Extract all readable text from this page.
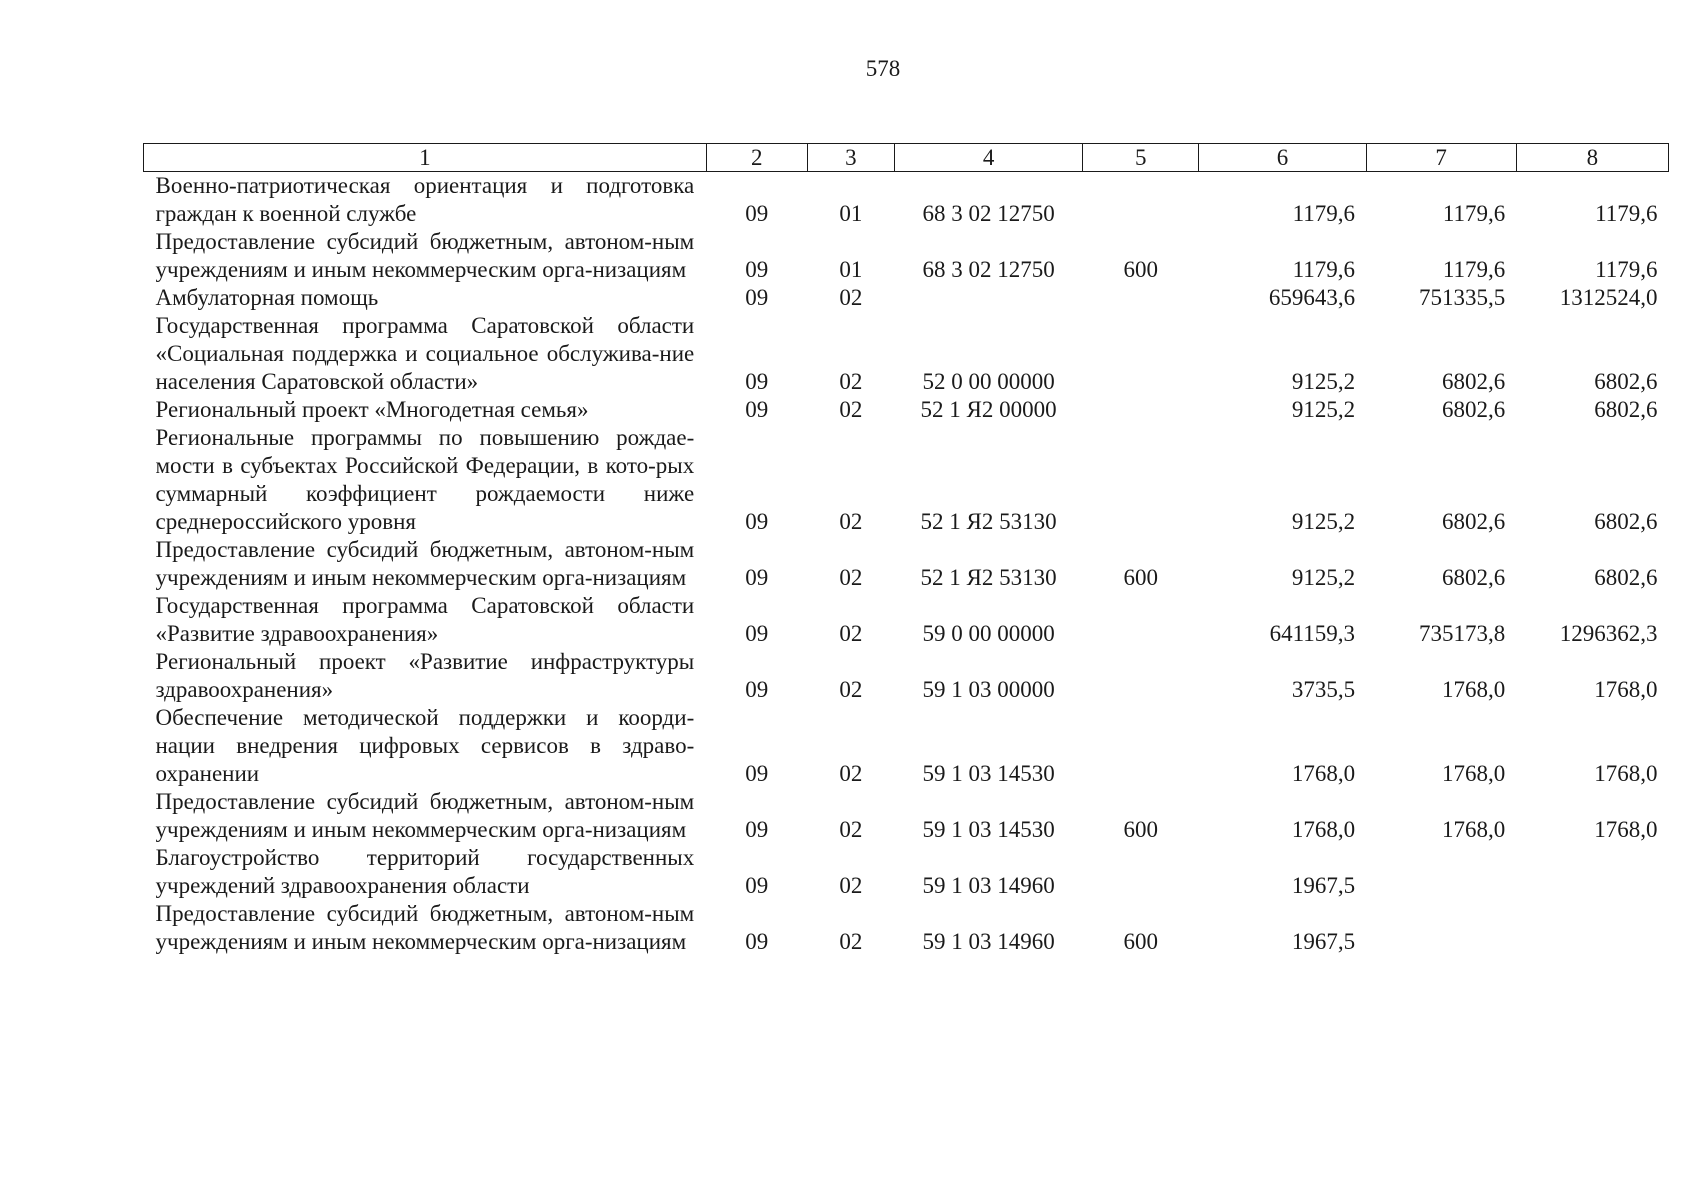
578
1	2	3	4	5	6	7	8
Военно-патриотическая ориентация и подготовка граждан к военной службе	09	01	68 3 02 12750		1179,6	1179,6	1179,6
Предоставление субсидий бюджетным, автоном-ным учреждениям и иным некоммерческим орга-низациям	09	01	68 3 02 12750	600	1179,6	1179,6	1179,6
Амбулаторная помощь	09	02			659643,6	751335,5	1312524,0
Государственная программа Саратовской области «Социальная поддержка и социальное обслужива-ние населения Саратовской области»	09	02	52 0 00 00000		9125,2	6802,6	6802,6
Региональный проект «Многодетная семья»	09	02	52 1 Я2 00000		9125,2	6802,6	6802,6
Региональные программы по повышению рождае-мости в субъектах Российской Федерации, в кото-рых суммарный коэффициент рождаемости ниже среднероссийского уровня	09	02	52 1 Я2 53130		9125,2	6802,6	6802,6
Предоставление субсидий бюджетным, автоном-ным учреждениям и иным некоммерческим орга-низациям	09	02	52 1 Я2 53130	600	9125,2	6802,6	6802,6
Государственная программа Саратовской области «Развитие здравоохранения»	09	02	59 0 00 00000		641159,3	735173,8	1296362,3
Региональный проект «Развитие инфраструктуры здравоохранения»	09	02	59 1 03 00000		3735,5	1768,0	1768,0
Обеспечение методической поддержки и коорди-нации внедрения цифровых сервисов в здраво-охранении	09	02	59 1 03 14530		1768,0	1768,0	1768,0
Предоставление субсидий бюджетным, автоном-ным учреждениям и иным некоммерческим орга-низациям	09	02	59 1 03 14530	600	1768,0	1768,0	1768,0
Благоустройство территорий государственных учреждений здравоохранения области	09	02	59 1 03 14960		1967,5		
Предоставление субсидий бюджетным, автоном-ным учреждениям и иным некоммерческим орга-низациям	09	02	59 1 03 14960	600	1967,5		
